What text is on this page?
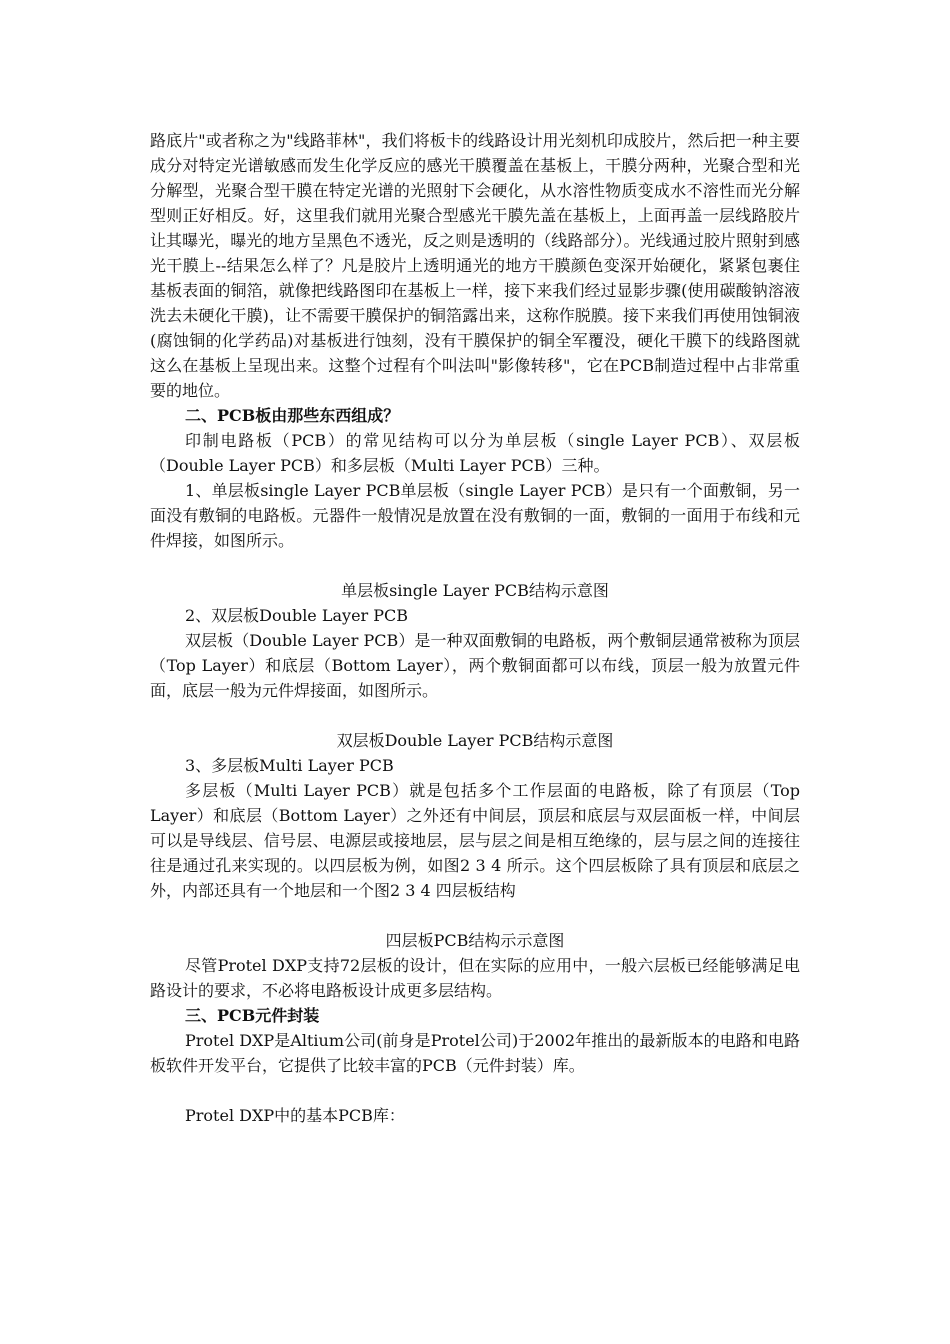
路底片"或者称之为"线路菲林"，我们将板卡的线路设计用光刻机印成胶片，然后把一种主要成分对特定光谱敏感而发生化学反应的感光干膜覆盖在基板上，干膜分两种，光聚合型和光分解型，光聚合型干膜在特定光谱的光照射下会硬化，从水溶性物质变成水不溶性而光分解型则正好相反。好，这里我们就用光聚合型感光干膜先盖在基板上，上面再盖一层线路胶片让其曝光，曝光的地方呈黑色不透光，反之则是透明的（线路部分）。光线通过胶片照射到感光干膜上--结果怎么样了？凡是胶片上透明通光的地方干膜颜色变深开始硬化，紧紧包裹住基板表面的铜箔，就像把线路图印在基板上一样，接下来我们经过显影步骤(使用碳酸钠溶液洗去未硬化干膜)，让不需要干膜保护的铜箔露出来，这称作脱膜。接下来我们再使用蚀铜液(腐蚀铜的化学药品)对基板进行蚀刻，没有干膜保护的铜全军覆没，硬化干膜下的线路图就这么在基板上呈现出来。这整个过程有个叫法叫"影像转移"，它在PCB制造过程中占非常重要的地位。

二、PCB板由那些东西组成？

印制电路板（PCB）的常见结构可以分为单层板（single Layer PCB）、双层板（Double Layer PCB）和多层板（Multi Layer PCB）三种。

1、单层板single Layer PCB单层板（single Layer PCB）是只有一个面敷铜，另一面没有敷铜的电路板。元器件一般情况是放置在没有敷铜的一面，敷铜的一面用于布线和元件焊接，如图所示。

单层板single Layer PCB结构示意图

2、双层板Double Layer PCB

双层板（Double Layer PCB）是一种双面敷铜的电路板，两个敷铜层通常被称为顶层（Top Layer）和底层（Bottom Layer），两个敷铜面都可以布线，顶层一般为放置元件面，底层一般为元件焊接面，如图所示。

双层板Double Layer PCB结构示意图

3、多层板Multi Layer PCB

多层板（Multi Layer PCB）就是包括多个工作层面的电路板，除了有顶层（Top Layer）和底层（Bottom Layer）之外还有中间层，顶层和底层与双层面板一样，中间层可以是导线层、信号层、电源层或接地层，层与层之间是相互绝缘的，层与层之间的连接往往是通过孔来实现的。以四层板为例，如图2 3 4 所示。这个四层板除了具有顶层和底层之外，内部还具有一个地层和一个图2 3 4 四层板结构

四层板PCB结构示示意图

尽管Protel DXP支持72层板的设计，但在实际的应用中，一般六层板已经能够满足电路设计的要求，不必将电路板设计成更多层结构。

三、PCB元件封装

Protel DXP是Altium公司(前身是Protel公司)于2002年推出的最新版本的电路和电路板软件开发平台，它提供了比较丰富的PCB（元件封装）库。

Protel DXP中的基本PCB库：
